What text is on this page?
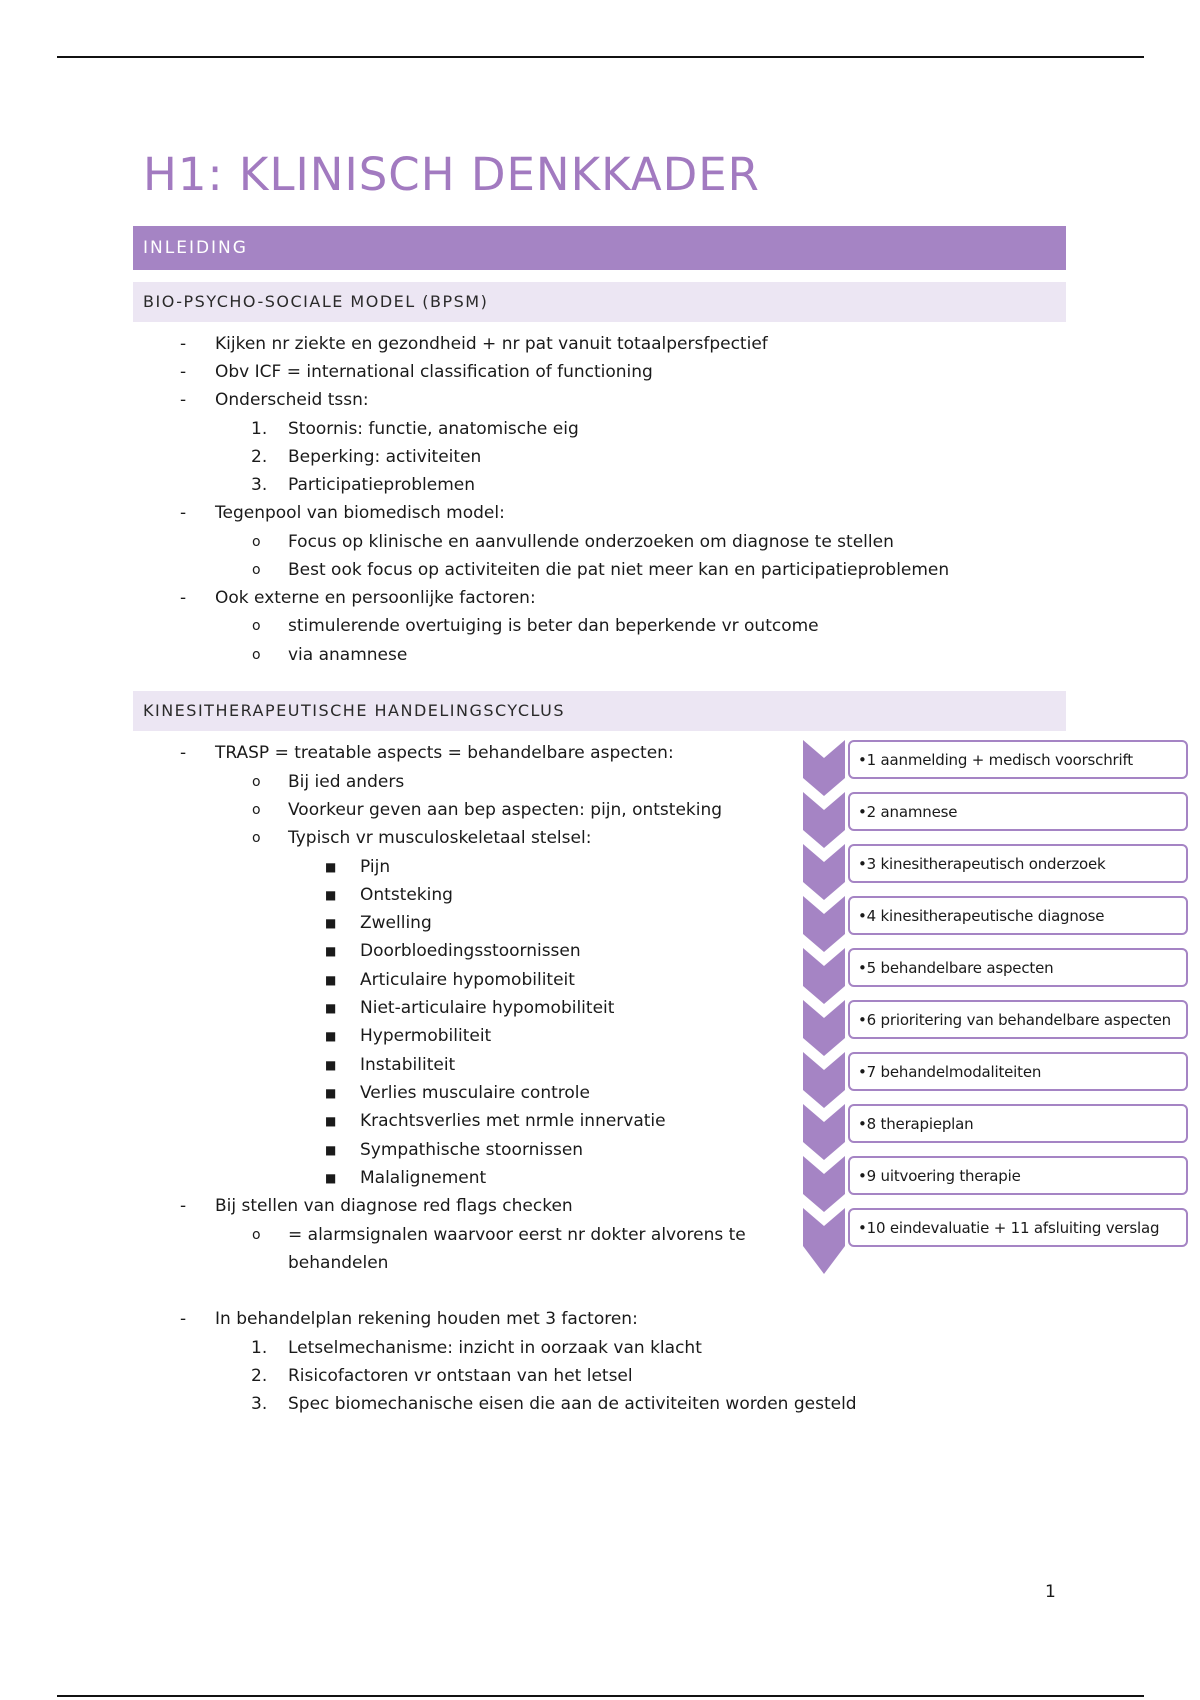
H1: KLINISCH DENKKADER
INLEIDING
BIO-PSYCHO-SOCIALE MODEL (BPSM)
- Kijken nr ziekte en gezondheid + nr pat vanuit totaalpersfpectief
- Obv ICF = international classification of functioning
- Onderscheid tssn:
1. Stoornis: functie, anatomische eig
2. Beperking: activiteiten
3. Participatieproblemen
- Tegenpool van biomedisch model:
o Focus op klinische en aanvullende onderzoeken om diagnose te stellen
o Best ook focus op activiteiten die pat niet meer kan en participatieproblemen
- Ook externe en persoonlijke factoren:
o stimulerende overtuiging is beter dan beperkende vr outcome
o via anamnese
KINESITHERAPEUTISCHE HANDELINGSCYCLUS
- TRASP = treatable aspects = behandelbare aspecten:
o Bij ied anders
o Voorkeur geven aan bep aspecten: pijn, ontsteking
o Typisch vr musculoskeletaal stelsel:
■ Pijn
■ Ontsteking
■ Zwelling
■ Doorbloedingsstoornissen
■ Articulaire hypomobiliteit
■ Niet-articulaire hypomobiliteit
■ Hypermobiliteit
■ Instabiliteit
■ Verlies musculaire controle
■ Krachtsverlies met nrmle innervatie
■ Sympathische stoornissen
■ Malalignement
- Bij stellen van diagnose red flags checken
o = alarmsignalen waarvoor eerst nr dokter alvorens te
behandelen
- In behandelplan rekening houden met 3 factoren:
1. Letselmechanisme: inzicht in oorzaak van klacht
2. Risicofactoren vr ontstaan van het letsel
3. Spec biomechanische eisen die aan de activiteiten worden gesteld
•1 aanmelding + medisch voorschrift
•2 anamnese
•3 kinesitherapeutisch onderzoek
•4 kinesitherapeutische diagnose
•5 behandelbare aspecten
•6 prioritering van behandelbare aspecten
•7 behandelmodaliteiten
•8 therapieplan
•9 uitvoering therapie
•10 eindevaluatie + 11 afsluiting verslag
1
